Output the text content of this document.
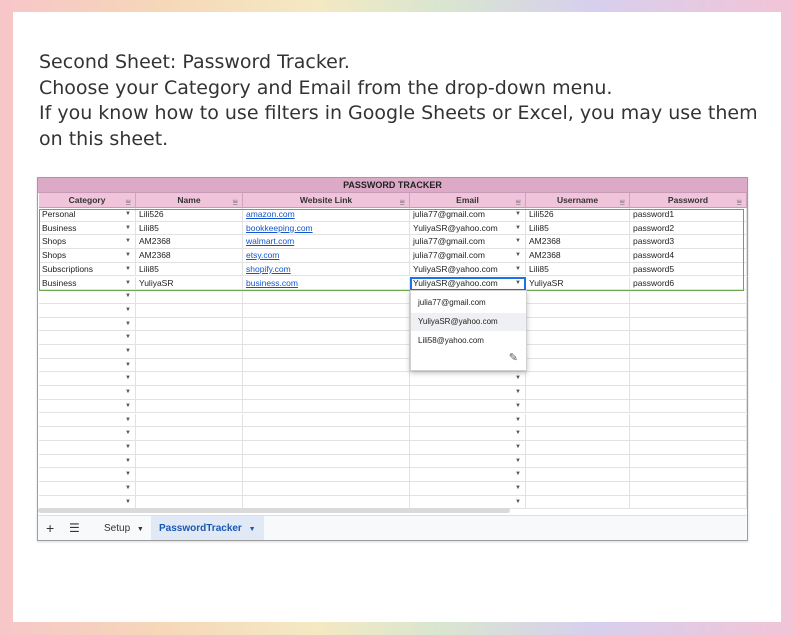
Second Sheet: Password Tracker.
Choose your Category and Email from the drop-down menu.
If you know how to use filters in Google Sheets or Excel, you may use them
on this sheet.
PASSWORD TRACKER
Category ⩸	Name	⩸	Website Link	⩸	Email	⩸	Username ⩸	Password	⩸
Personal	▼ Lili526	amazon.com	julia77@gmail.com	▼ Lili526	password1
Business	▼ Lili85	bookkeeping.com	YuliyaSR@yahoo.com	▼ Lili85	password2
Shops	▼ AM2368	walmart.com	julia77@gmail.com	▼ AM2368	password3
Shops	▼ AM2368	etsy.com	julia77@gmail.com	▼ AM2368	password4
Subscriptions	▼ Lili85	shopify.com	YuliyaSR@yahoo.com	▼ Lili85	password5
Business	▼ YuliyaSR	business.com	YuliyaSR@yahoo.com	▼ YuliyaSR	password6
▼
▼
▼
▼
▼
▼
▼	▼
▼	▼
▼	▼
▼	▼
▼	▼
▼	▼
▼	▼
▼	▼
▼	▼
▼	▼
julia77@gmail.com
YuliyaSR@yahoo.com
Lili58@yahoo.com
✎
+ ☰ Setup ▼	PasswordTracker ▼
